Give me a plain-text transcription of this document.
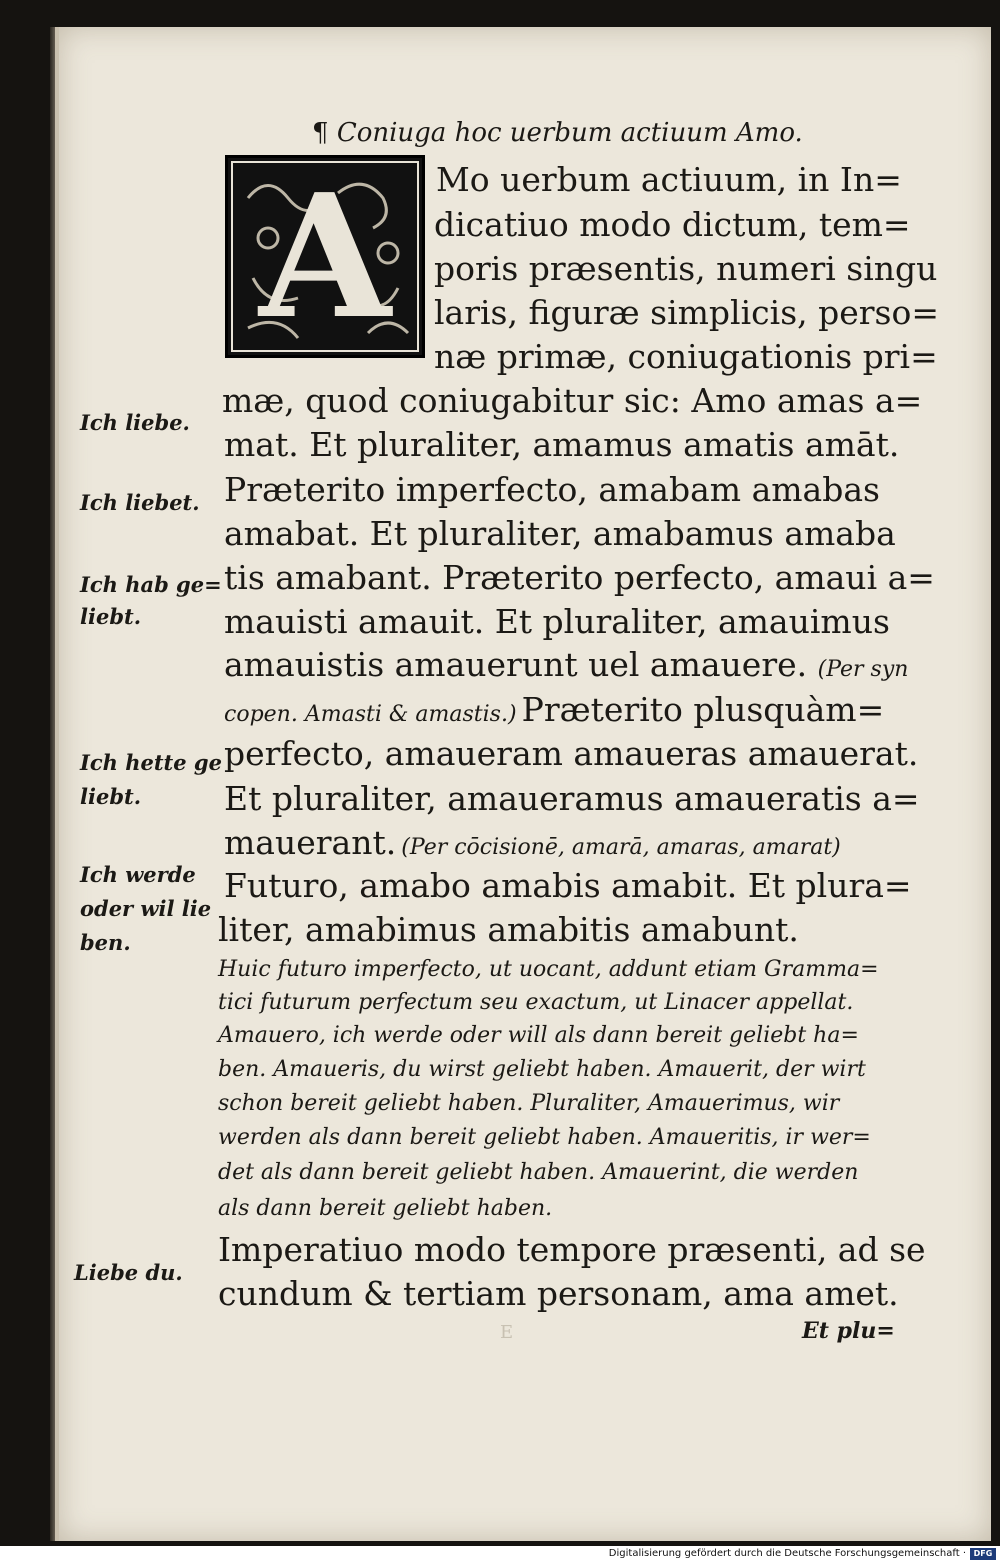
¶ Coniuga hoc uerbum actiuum Amo.
A	Mo uerbum actiuum, in In=
dicatiuo modo dictum, tem=
poris prӕsentis, numeri singu
laris, figurӕ simplicis, perso=
nӕ primӕ, coniugationis pri=
mӕ, quod coniugabitur sic: Amo amas a=
mat. Et pluraliter, amamus amatis amāt.
Prӕterito imperfecto, amabam amabas
amabat. Et pluraliter, amabamus amaba
tis amabant. Prӕterito perfecto, amaui a=
mauisti amauit. Et pluraliter, amauimus
amauistis amauerunt uel amauere. (Per syn
copen. Amasti & amastis.) Prӕterito plusquàm=
perfecto, amaueram amaueras amauerat.
Et pluraliter, amaueramus amaueratis a=
mauerant. (Per cōcisionē, amarā, amaras, amarat)
Futuro, amabo amabis amabit. Et plura=
liter, amabimus amabitis amabunt.
Huic futuro imperfecto, ut uocant, addunt etiam Gramma=
tici futurum perfectum seu exactum, ut Linacer appellat.
Amauero, ich werde oder will als dann bereit geliebt ha=
ben. Amaueris, du wirst geliebt haben. Amauerit, der wirt
schon bereit geliebt haben. Pluraliter, Amauerimus, wir
werden als dann bereit geliebt haben. Amaueritis, ir wer=
det als dann bereit geliebt haben. Amauerint, die werden
als dann bereit geliebt haben.
Imperatiuo modo tempore prӕsenti, ad se
cundum & tertiam personam, ama amet.
Et plu=
E
Ich liebe.
Ich liebet.
Ich hab ge=
liebt.
Ich hette ge
liebt.
Ich werde
oder wil lie
ben.
Liebe du.
Digitalisierung gefördert durch die Deutsche Forschungsgemeinschaft · DFG
